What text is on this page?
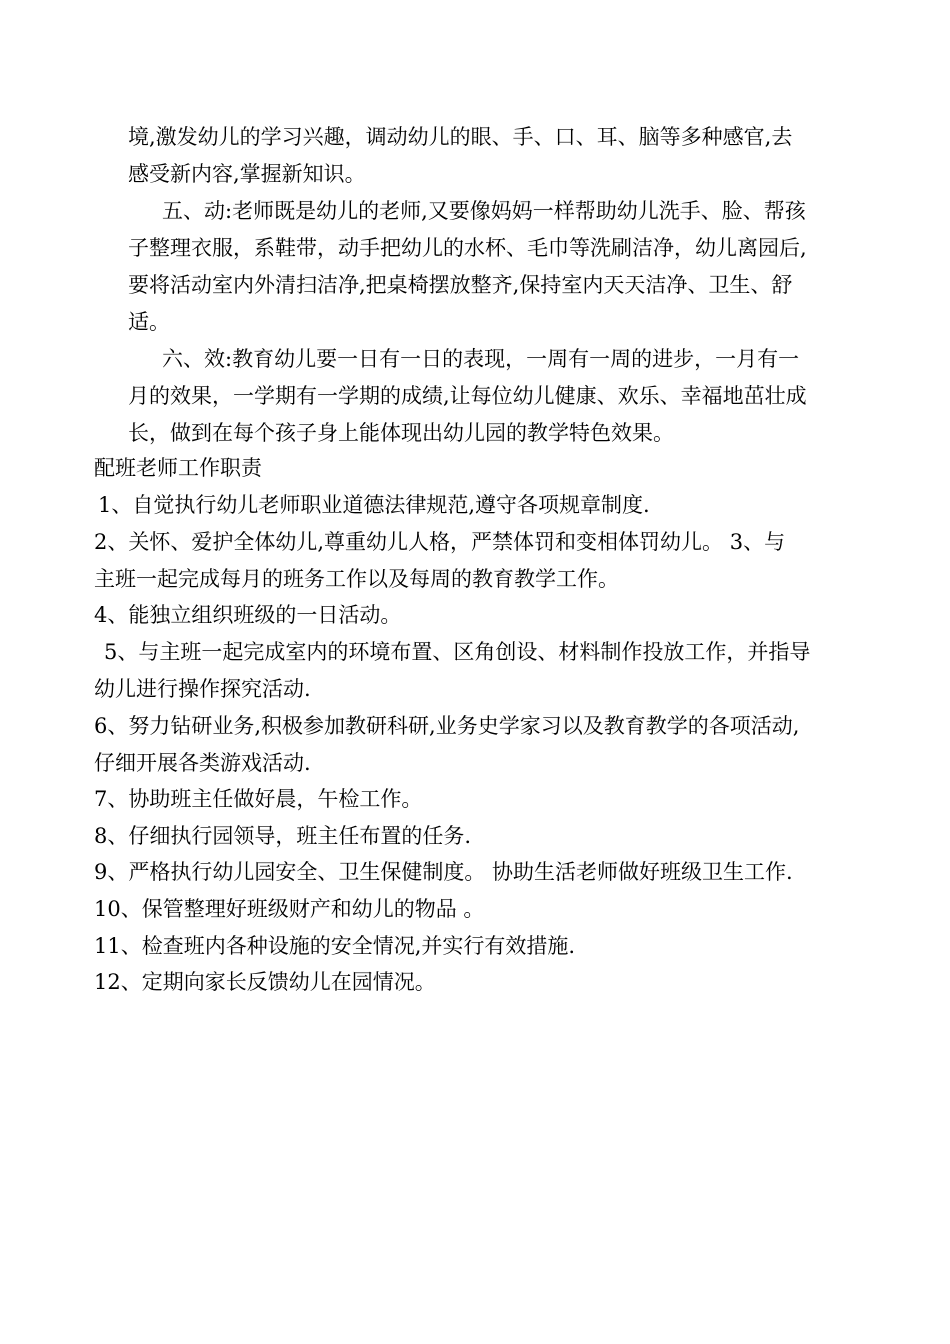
境,激发幼儿的学习兴趣，调动幼儿的眼、手、口、耳、脑等多种感官,去
感受新内容,掌握新知识。
五、动:老师既是幼儿的老师,又要像妈妈一样帮助幼儿洗手、脸、帮孩
子整理衣服，系鞋带，动手把幼儿的水杯、毛巾等洗刷洁净，幼儿离园后,
要将活动室内外清扫洁净,把桌椅摆放整齐,保持室内天天洁净、卫生、舒
适。
六、效:教育幼儿要一日有一日的表现，一周有一周的进步，一月有一
月的效果，一学期有一学期的成绩,让每位幼儿健康、欢乐、幸福地茁壮成
长，做到在每个孩子身上能体现出幼儿园的教学特色效果。
配班老师工作职责
1、自觉执行幼儿老师职业道德法律规范,遵守各项规章制度.
2、关怀、爱护全体幼儿,尊重幼儿人格，严禁体罚和变相体罚幼儿。 3、与
主班一起完成每月的班务工作以及每周的教育教学工作。
4、能独立组织班级的一日活动。
5、与主班一起完成室内的环境布置、区角创设、材料制作投放工作，并指导
幼儿进行操作探究活动.
6、努力钻研业务,积极参加教研科研,业务史学家习以及教育教学的各项活动,
仔细开展各类游戏活动.
7、协助班主任做好晨，午检工作。
8、仔细执行园领导，班主任布置的任务.
9、严格执行幼儿园安全、卫生保健制度。 协助生活老师做好班级卫生工作.
10、保管整理好班级财产和幼儿的物品 。
11、检查班内各种设施的安全情况,并实行有效措施.
12、定期向家长反馈幼儿在园情况。
